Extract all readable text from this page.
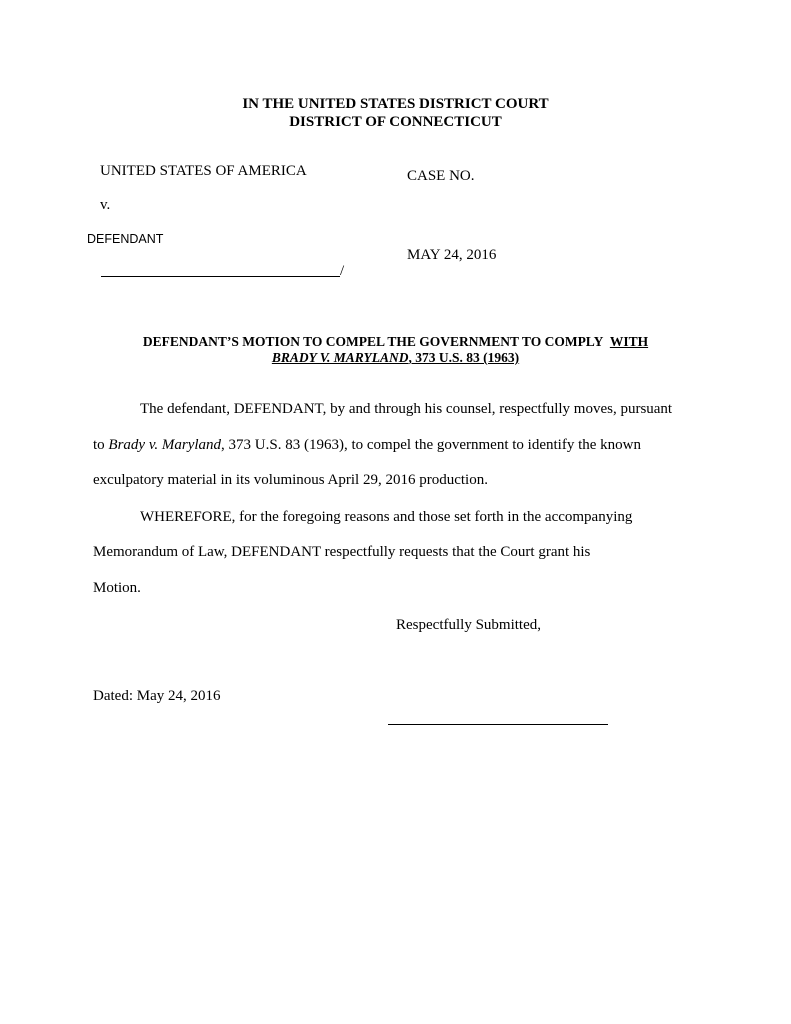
IN THE UNITED STATES DISTRICT COURT
DISTRICT OF CONNECTICUT
UNITED STATES OF AMERICA
v.
DEFENDANT
/
CASE NO.
MAY 24, 2016
DEFENDANT’S MOTION TO COMPEL THE GOVERNMENT TO COMPLY WITH
BRADY V. MARYLAND, 373 U.S. 83 (1963)
The defendant, DEFENDANT, by and through his counsel, respectfully moves, pursuant
to Brady v. Maryland, 373 U.S. 83 (1963), to compel the government to identify the known
exculpatory material in its voluminous April 29, 2016 production.
WHEREFORE, for the foregoing reasons and those set forth in the accompanying
Memorandum of Law, DEFENDANT respectfully requests that the Court grant his
Motion.
Respectfully Submitted,
Dated: May 24, 2016
